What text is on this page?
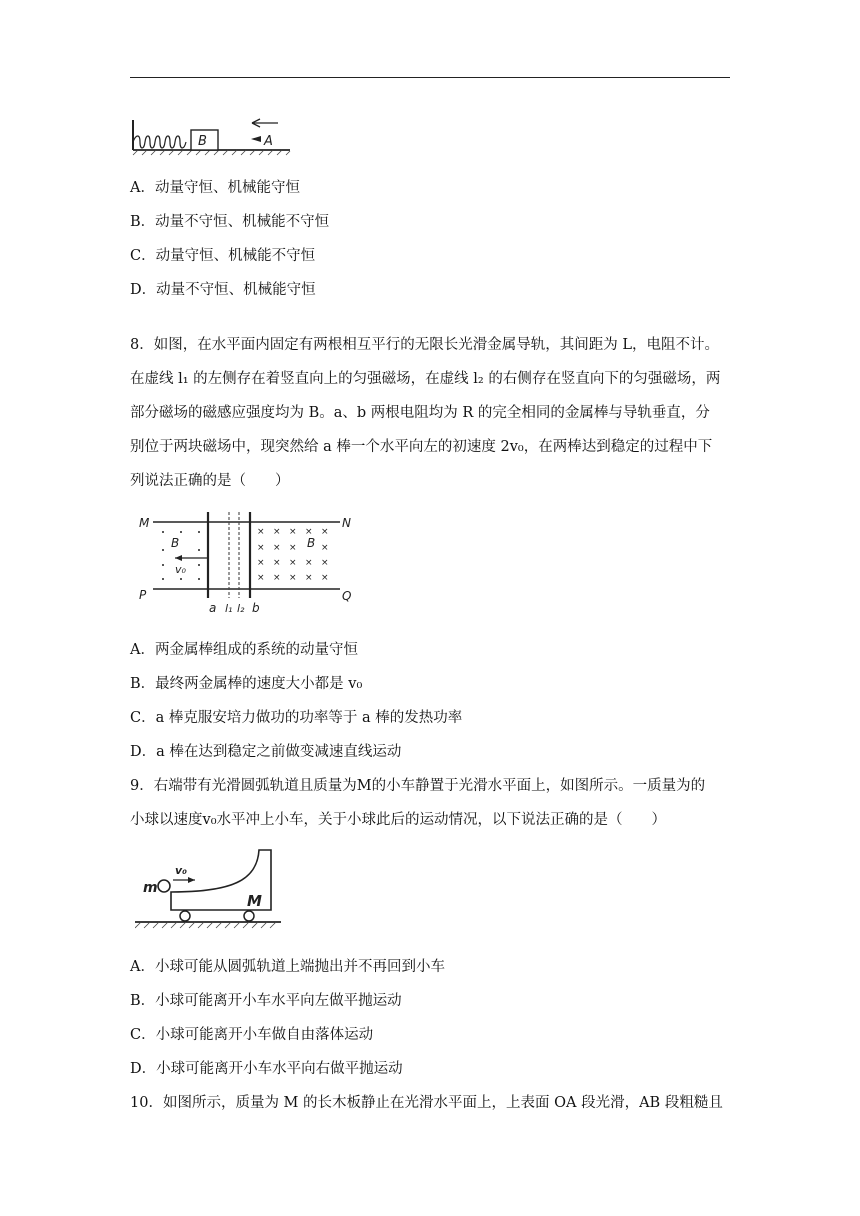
B	A
A．动量守恒、机械能守恒
B．动量不守恒、机械能不守恒
C．动量守恒、机械能不守恒
D．动量不守恒、机械能守恒
8．如图，在水平面内固定有两根相互平行的无限长光滑金属导轨，其间距为 L，电阻不计。
在虚线 l₁ 的左侧存在着竖直向上的匀强磁场，在虚线 l₂ 的右侧存在竖直向下的匀强磁场，两
部分磁场的磁感应强度均为 B。a、b 两根电阻均为 R 的完全相同的金属棒与导轨垂直，分
别位于两块磁场中，现突然给 a 棒一个水平向左的初速度 2v₀，在两棒达到稳定的过程中下
列说法正确的是（　　）
M	N
P	Q
B
v₀
× × × × ×
× × ×	×
× × × × ×
× × × × ×
B
a l₁ l₂ b
A．两金属棒组成的系统的动量守恒
B．最终两金属棒的速度大小都是 v₀
C．a 棒克服安培力做功的功率等于 a 棒的发热功率
D．a 棒在达到稳定之前做变减速直线运动
9．右端带有光滑圆弧轨道且质量为M的小车静置于光滑水平面上，如图所示。一质量为的
小球以速度v₀水平冲上小车，关于小球此后的运动情况，以下说法正确的是（　　）
m
v₀
M
A．小球可能从圆弧轨道上端抛出并不再回到小车
B．小球可能离开小车水平向左做平抛运动
C．小球可能离开小车做自由落体运动
D．小球可能离开小车水平向右做平抛运动
10．如图所示，质量为 M 的长木板静止在光滑水平面上，上表面 OA 段光滑，AB 段粗糙且
